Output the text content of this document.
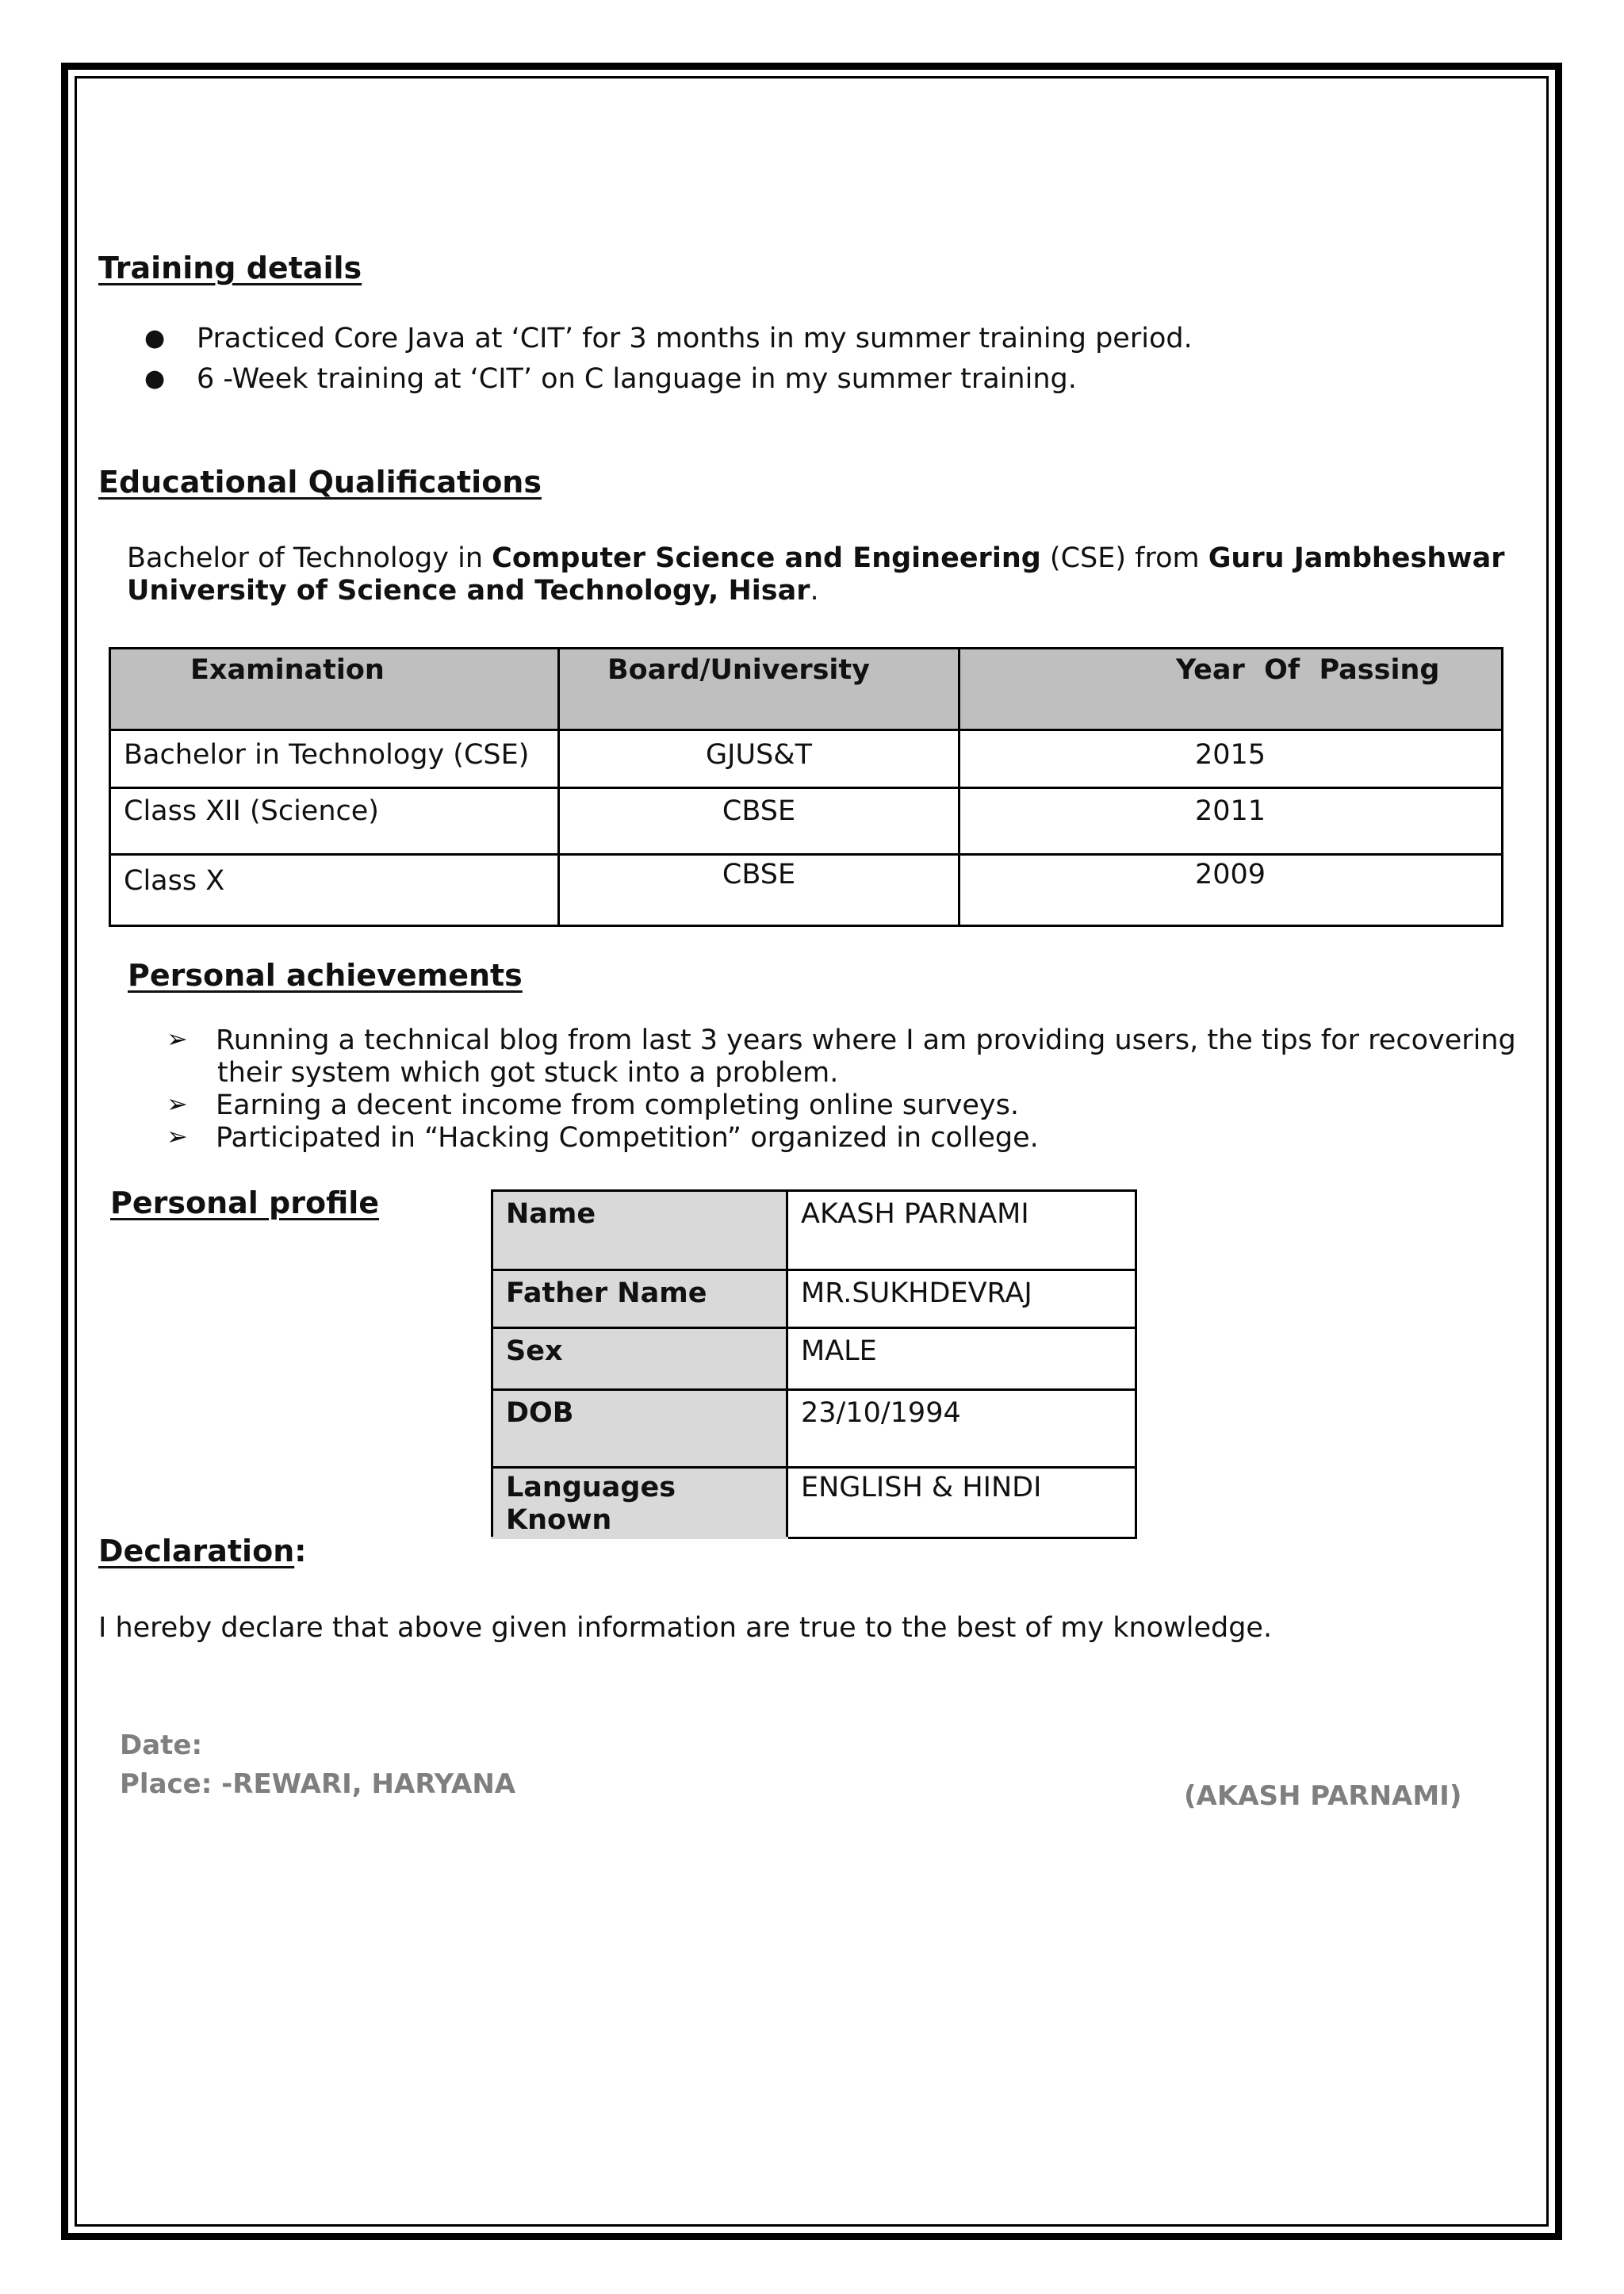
Training details
● Practiced Core Java at ‘CIT’ for 3 months in my summer training period.
● 6 -Week training at ‘CIT’ on C language in my summer training.
Educational Qualifications
Bachelor of Technology in Computer Science and Engineering (CSE) from Guru Jambheshwar
University of Science and Technology, Hisar.
Examination	Board/University	Year  Of  Passing
Bachelor in Technology (CSE)	GJUS&T	2015
Class XII (Science)	CBSE	2011
Class X	CBSE	2009
Personal achievements
➢ Running a technical blog from last 3 years where I am providing users, the tips for recovering
their system which got stuck into a problem.
➢ Earning a decent income from completing online surveys.
➢ Participated in “Hacking Competition” organized in college.
Personal profile	Name	AKASH PARNAMI
Father Name	MR.SUKHDEVRAJ
Sex	MALE
DOB	23/10/1994
Languages Known	ENGLISH & HINDI
Declaration:
I hereby declare that above given information are true to the best of my knowledge.
Date:
Place: -REWARI, HARYANA	(AKASH PARNAMI)
